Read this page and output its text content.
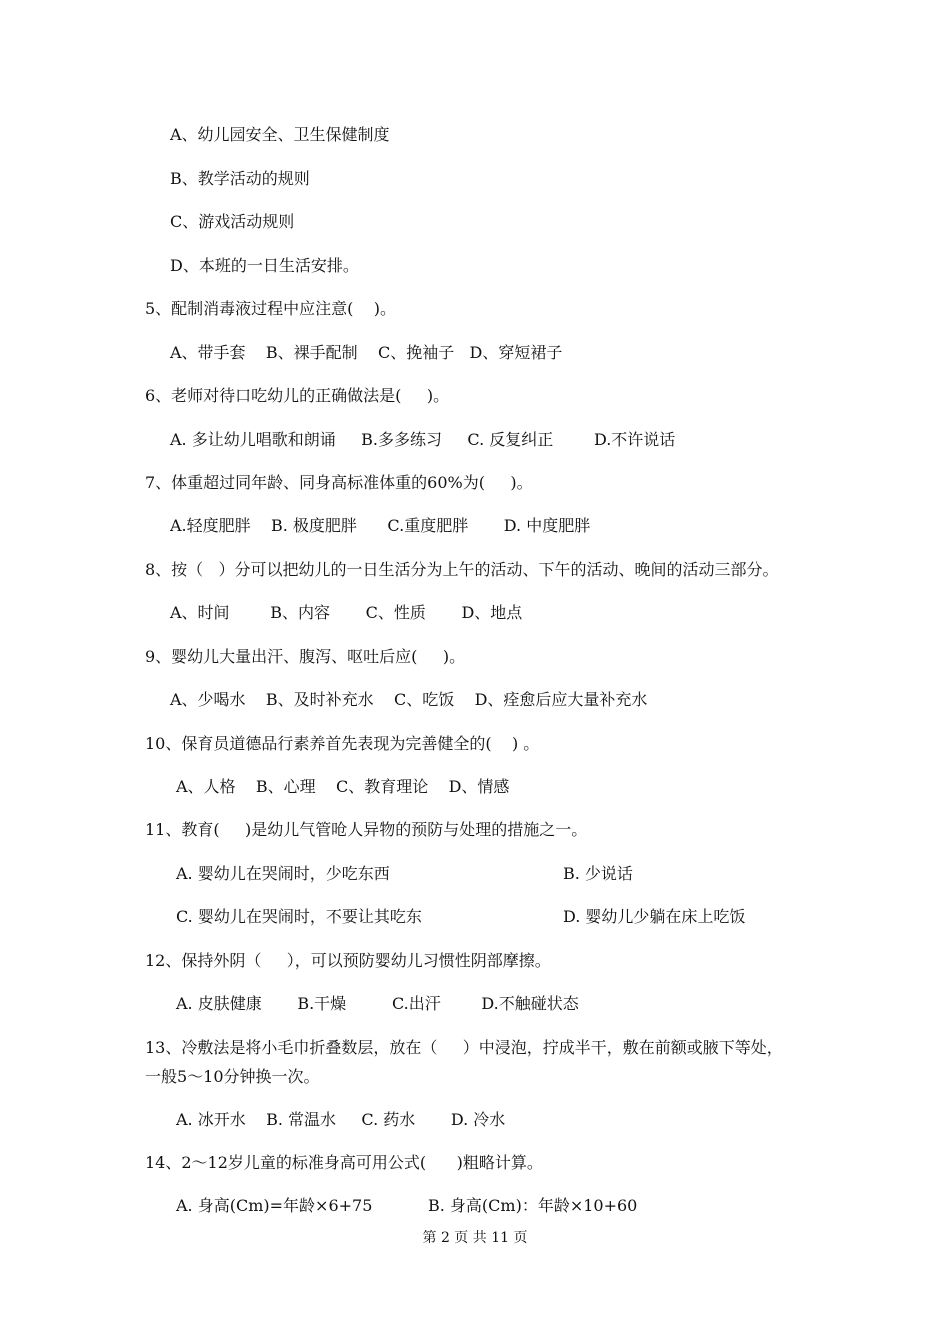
A、幼儿园安全、卫生保健制度
B、教学活动的规则
C、游戏活动规则
D、本班的一日生活安排。
5、配制消毒液过程中应注意(    )。
A、带手套    B、裸手配制    C、挽袖子   D、穿短裙子
6、老师对待口吃幼儿的正确做法是(     )。
A. 多让幼儿唱歌和朗诵     B.多多练习     C. 反复纠正        D.不许说话
7、体重超过同年龄、同身高标准体重的60%为(     )。
A.轻度肥胖    B. 极度肥胖      C.重度肥胖       D. 中度肥胖
8、按（   ）分可以把幼儿的一日生活分为上午的活动、下午的活动、晚间的活动三部分。
A、时间        B、内容       C、性质       D、地点
9、婴幼儿大量出汗、腹泻、呕吐后应(     )。
A、少喝水    B、及时补充水    C、吃饭    D、痊愈后应大量补充水
10、保育员道德品行素养首先表现为完善健全的(    ) 。
A、人格    B、心理    C、教育理论    D、情感
11、教育(     )是幼儿气管呛人异物的预防与处理的措施之一。
A. 婴幼儿在哭闹时，少吃东西	B. 少说话
C. 婴幼儿在哭闹时，不要让其吃东	D. 婴幼儿少躺在床上吃饭
12、保持外阴（     ），可以预防婴幼儿习惯性阴部摩擦。
A. 皮肤健康       B.干燥         C.出汗        D.不触碰状态
13、冷敷法是将小毛巾折叠数层，放在（     ）中浸泡，拧成半干，敷在前额或腋下等处，
一般5～10分钟换一次。
A. 冰开水    B. 常温水     C. 药水       D. 冷水
14、2～12岁儿童的标准身高可用公式(      )粗略计算。
A. 身高(Cm)=年龄×6+75	B. 身高(Cm)：年龄×10+60
第 2 页 共 11 页
